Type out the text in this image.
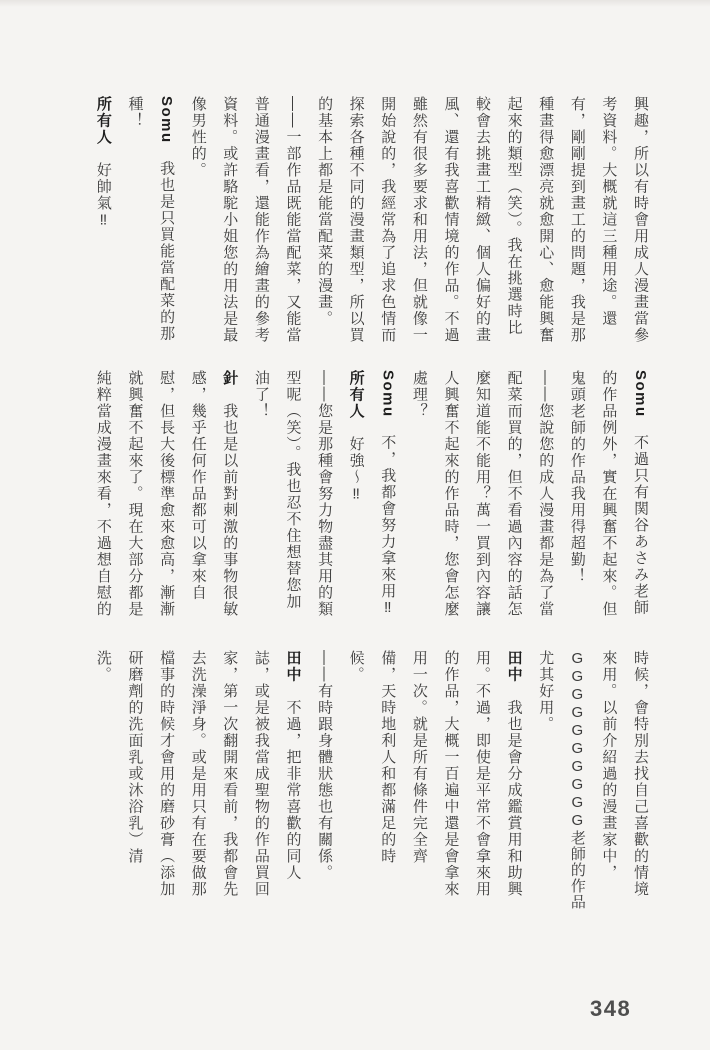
興趣，所以有時會用成人漫畫當參
考資料。大概就這三種用途。還
有，剛剛提到畫工的問題，我是那
種畫得愈漂亮就愈開心、愈能興奮
起來的類型（笑）。我在挑選時比
較會去挑畫工精緻、個人偏好的畫
風、還有我喜歡情境的作品。不過
雖然有很多要求和用法，但就像一
開始說的，我經常為了追求色情而
探索各種不同的漫畫類型，所以買
的基本上都是能當配菜的漫畫。
——一部作品既能當配菜，又能當
普通漫畫看，還能作為繪畫的參考
資料。或許駱駝小姐您的用法是最
像男性的。
Somu　我也是只買能當配菜的那
種！
所有人　好帥氣‼
Somu　不過只有関谷あさみ老師
的作品例外，實在興奮不起來。但
鬼頭老師的作品我用得超勤！
——您說您的成人漫畫都是為了當
配菜而買的，但不看過內容的話怎
麼知道能不能用？萬一買到內容讓
人興奮不起來的作品時，您會怎麼
處理？
Somu　不，我都會努力拿來用‼
所有人　好強～‼
——您是那種會努力物盡其用的類
型呢（笑）。我也忍不住想替您加
油了！
針　我也是以前對刺激的事物很敏
感，幾乎任何作品都可以拿來自
慰，但長大後標準愈來愈高，漸漸
就興奮不起來了。現在大部分都是
純粹當成漫畫來看，不過想自慰的
時候，會特別去找自己喜歡的情境
來用。以前介紹過的漫畫家中，
GGGGGGGGGG老師的作品
尤其好用。
田中　我也是會分成鑑賞用和助興
用。不過，即使是平常不會拿來用
的作品，大概一百遍中還是會拿來
用一次。就是所有條件完全齊
備，天時地利人和都滿足的時
候。
——有時跟身體狀態也有關係。
田中　不過，把非常喜歡的同人
誌，或是被我當成聖物的作品買回
家，第一次翻開來看前，我都會先
去洗澡淨身。或是用只有在要做那
檔事的時候才會用的磨砂膏（添加
研磨劑的洗面乳或沐浴乳）清
洗。
348
